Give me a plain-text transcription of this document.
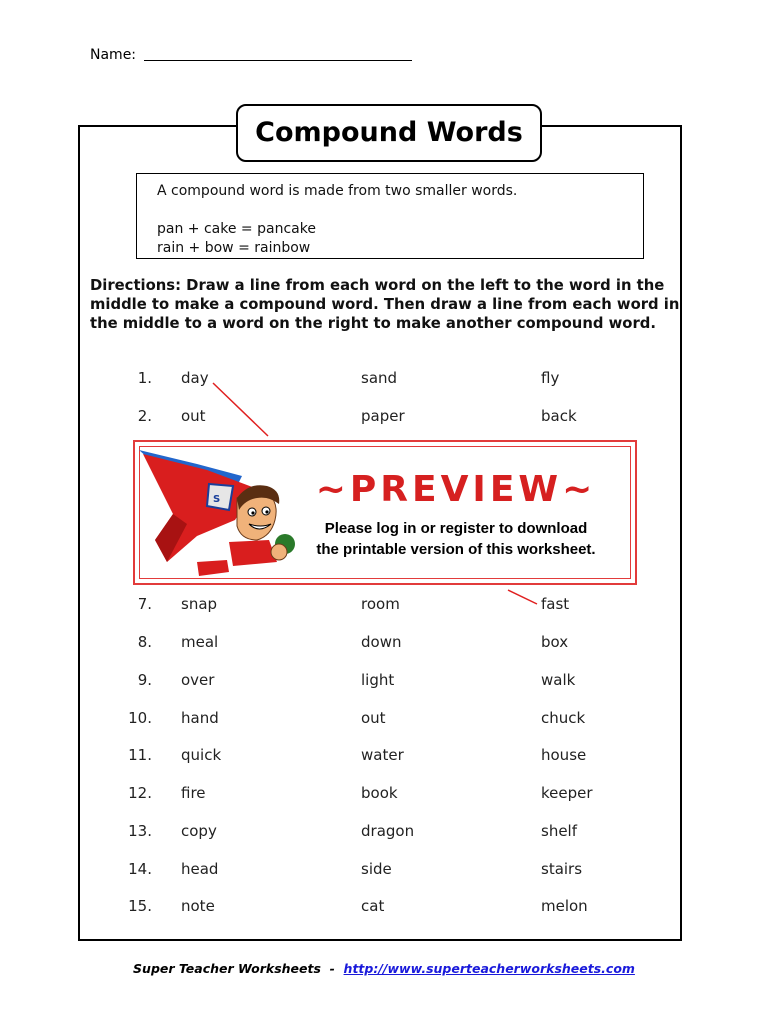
Name:
Compound Words
A compound word is made from two smaller words.
pan + cake = pancake
rain + bow = rainbow
Directions: Draw a line from each word on the left to the word in the middle to make a compound word. Then draw a line from each word in the middle to a word on the right to make another compound word.
1. day	sand	fly
2. out	paper	back
7. snap	room	fast
8. meal	down	box
9. over	light	walk
10. hand	out	chuck
11. quick	water	house
12. fire	book	keeper
13. copy	dragon	shelf
14. head	side	stairs
15. note	cat	melon
S	~PREVIEW~
Please log in or register to download
the printable version of this worksheet.
Super Teacher Worksheets - http://www.superteacherworksheets.com
